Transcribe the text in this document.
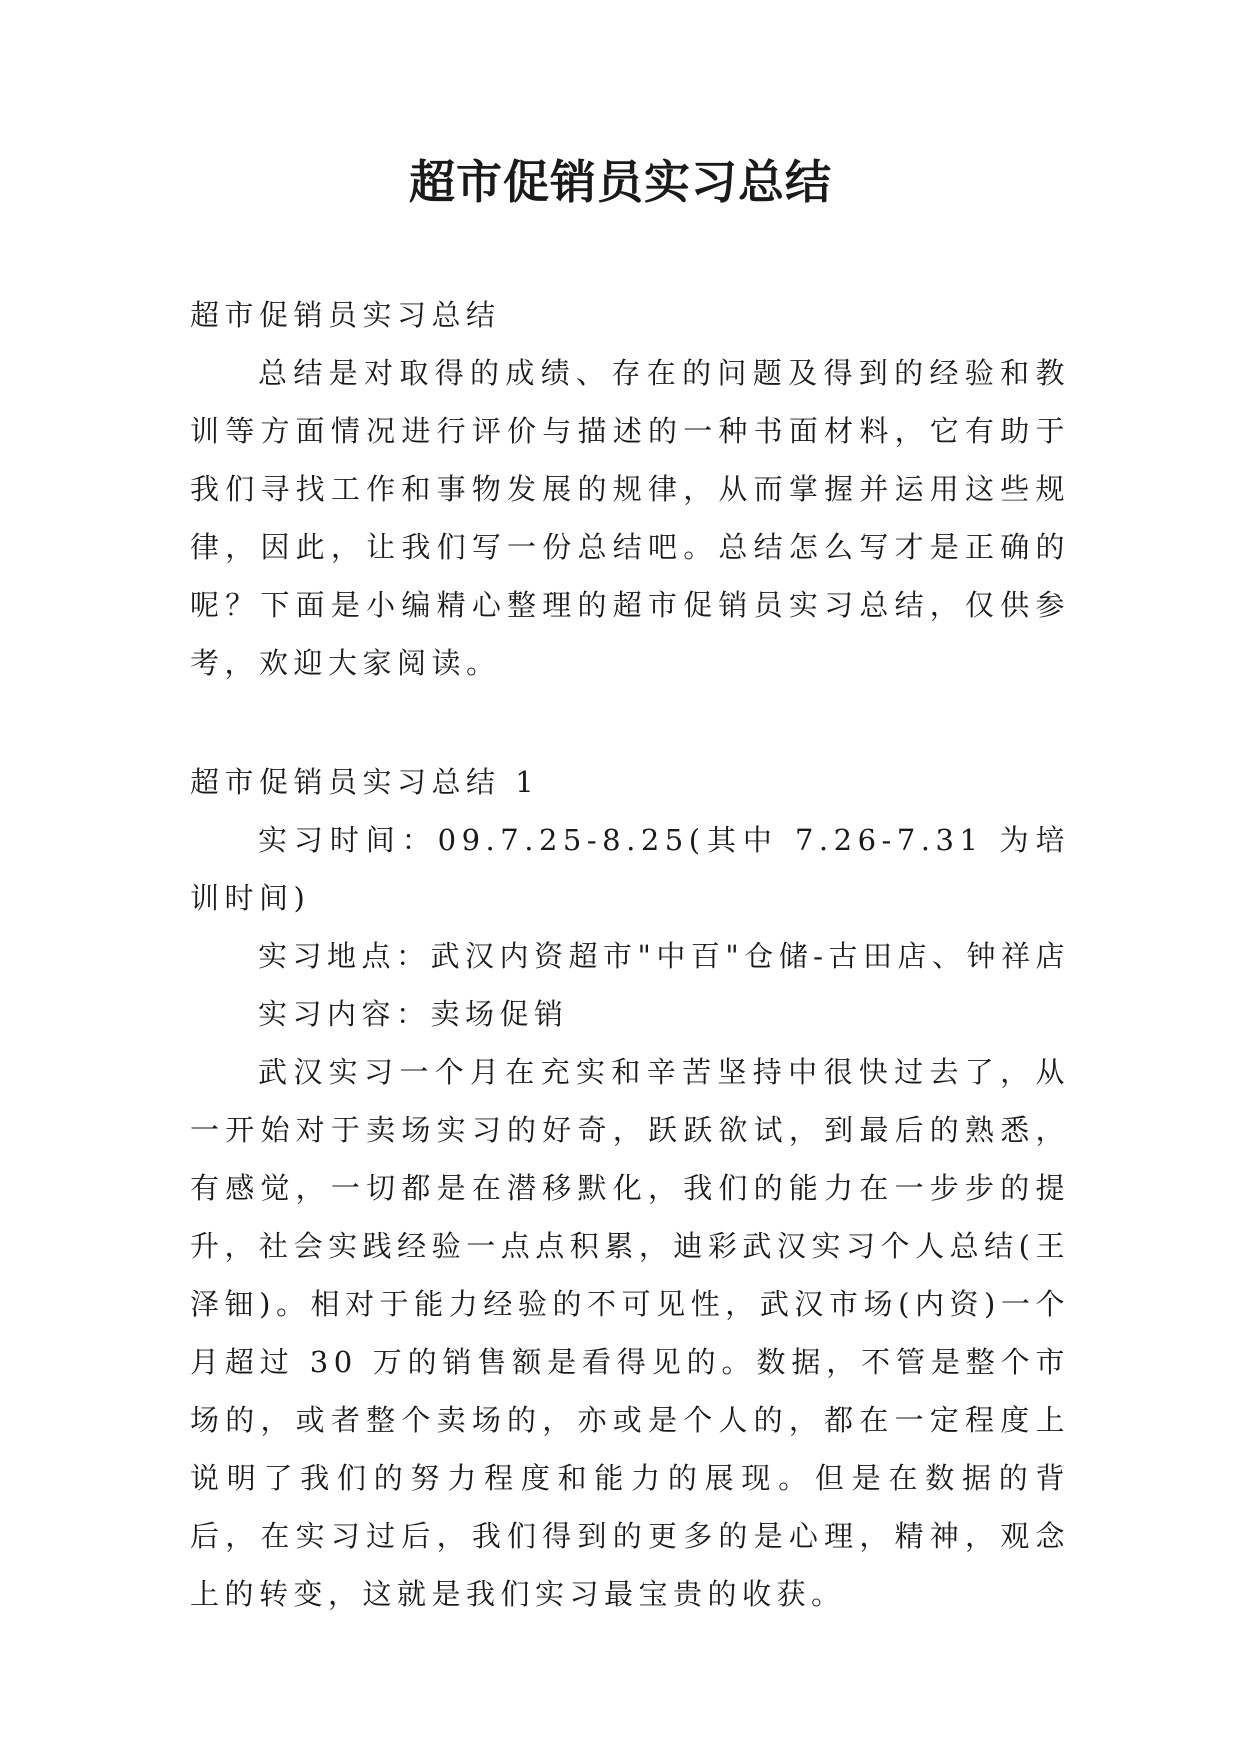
超市促销员实习总结
超市促销员实习总结
总结是对取得的成绩、存在的问题及得到的经验和教训等方面情况进行评价与描述的一种书面材料，它有助于我们寻找工作和事物发展的规律，从而掌握并运用这些规律，因此，让我们写一份总结吧。总结怎么写才是正确的呢？下面是小编精心整理的超市促销员实习总结，仅供参考，欢迎大家阅读。
超市促销员实习总结 1
实习时间：09.7.25-8.25(其中 7.26-7.31 为培训时间)
实习地点：武汉内资超市"中百"仓储-古田店、钟祥店
实习内容：卖场促销
武汉实习一个月在充实和辛苦坚持中很快过去了，从一开始对于卖场实习的好奇，跃跃欲试，到最后的熟悉，有感觉，一切都是在潜移默化，我们的能力在一步步的提升，社会实践经验一点点积累，迪彩武汉实习个人总结(王泽钿)。相对于能力经验的不可见性，武汉市场(内资)一个月超过 30 万的销售额是看得见的。数据，不管是整个市场的，或者整个卖场的，亦或是个人的，都在一定程度上说明了我们的努力程度和能力的展现。但是在数据的背后，在实习过后，我们得到的更多的是心理，精神，观念上的转变，这就是我们实习最宝贵的收获。
